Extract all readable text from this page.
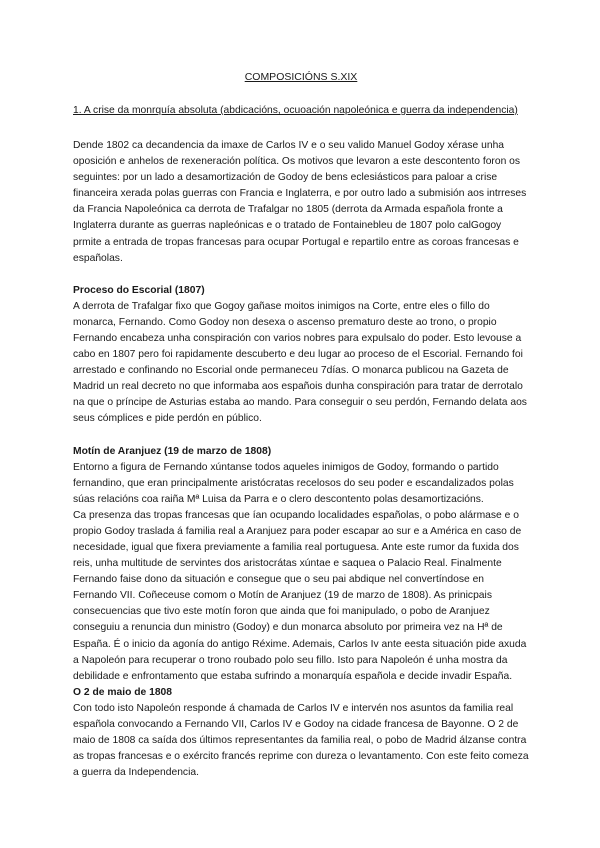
COMPOSICIÓNS S.XIX
1. A crise da monrquía absoluta (abdicacións, ocuoación napoleónica e guerra da independencia)

Dende 1802 ca decandencia da imaxe de Carlos IV e o seu valido Manuel Godoy xérase unha oposición e anhelos de rexeneración política. Os motivos que levaron a este descontento foron os seguintes: por un lado a desamortización de Godoy de bens eclesiásticos para paloar a crise financeira xerada polas guerras con Francia e Inglaterra, e por outro lado a submisión aos intrreses da Francia Napoleónica ca derrota de Trafalgar no 1805 (derrota da Armada española fronte a Inglaterra durante as guerras napleónicas e o tratado de Fontainebleu de 1807 polo calGogoy prmite a entrada de tropas francesas para ocupar Portugal e repartilo entre as coroas francesas e españolas.

Proceso do Escorial (1807)

A derrota de Trafalgar fixo que Gogoy gañase moitos inimigos na Corte, entre eles o fillo do monarca, Fernando. Como Godoy non desexa o ascenso prematuro deste ao trono, o propio Fernando encabeza unha conspiración con varios nobres para expulsalo do poder. Esto levouse a cabo en 1807 pero foi rapidamente descuberto e deu lugar ao proceso de el Escorial. Fernando foi arrestado e confinando no Escorial onde permaneceu 7días. O monarca publicou na Gazeta de Madrid un real decreto no que informaba aos españois dunha conspiración para tratar de derrotalo na que o príncipe de Asturias estaba ao mando. Para conseguir o seu perdón, Fernando delata aos seus cómplices e pide perdón en público.

Motín de Aranjuez (19 de marzo de 1808)

Entorno a figura de Fernando xúntanse todos aqueles inimigos de Godoy, formando o partido fernandino, que eran principalmente aristócratas recelosos do seu poder e escandalizados polas súas relacións coa raiña Mª Luisa da Parra e o clero descontento polas desamortizacións.

Ca presenza das tropas francesas que ían ocupando localidades españolas, o pobo alármase e o propio Godoy traslada á familia real a Aranjuez para poder escapar ao sur e a América en caso de necesidade, igual que fixera previamente a familia real portuguesa. Ante este rumor da fuxida dos reis, unha multitude de servintes dos aristocrátas xúntae e saquea o Palacio Real. Finalmente Fernando faise dono da situación e consegue que o seu pai abdique nel convertíndose en Fernando VII. Coñeceuse comom o Motín de Aranjuez (19 de marzo de 1808). As prinicpais consecuencias que tivo este motín foron que ainda que foi manipulado, o pobo de Aranjuez conseguiu a renuncia dun ministro (Godoy) e dun monarca absoluto por primeira vez na Hª de España. É o inicio da agonía do antigo Réxime. Ademais, Carlos Iv ante eesta situación pide axuda a Napoleón para recuperar o trono roubado polo seu fillo. Isto para Napoleón é unha mostra da debilidade e enfrontamento que estaba sufrindo a monarquía española e decide invadir España.

O 2 de maio de 1808

Con todo isto Napoleón responde á chamada de Carlos IV e intervén nos asuntos da familia real española convocando a Fernando VII, Carlos IV e Godoy na cidade francesa de Bayonne. O 2 de maio de 1808 ca saída dos últimos representantes da familia real, o pobo de Madrid álzanse contra as tropas francesas e o exército francés reprime con dureza o levantamento. Con este feito comeza a guerra da Independencia.
